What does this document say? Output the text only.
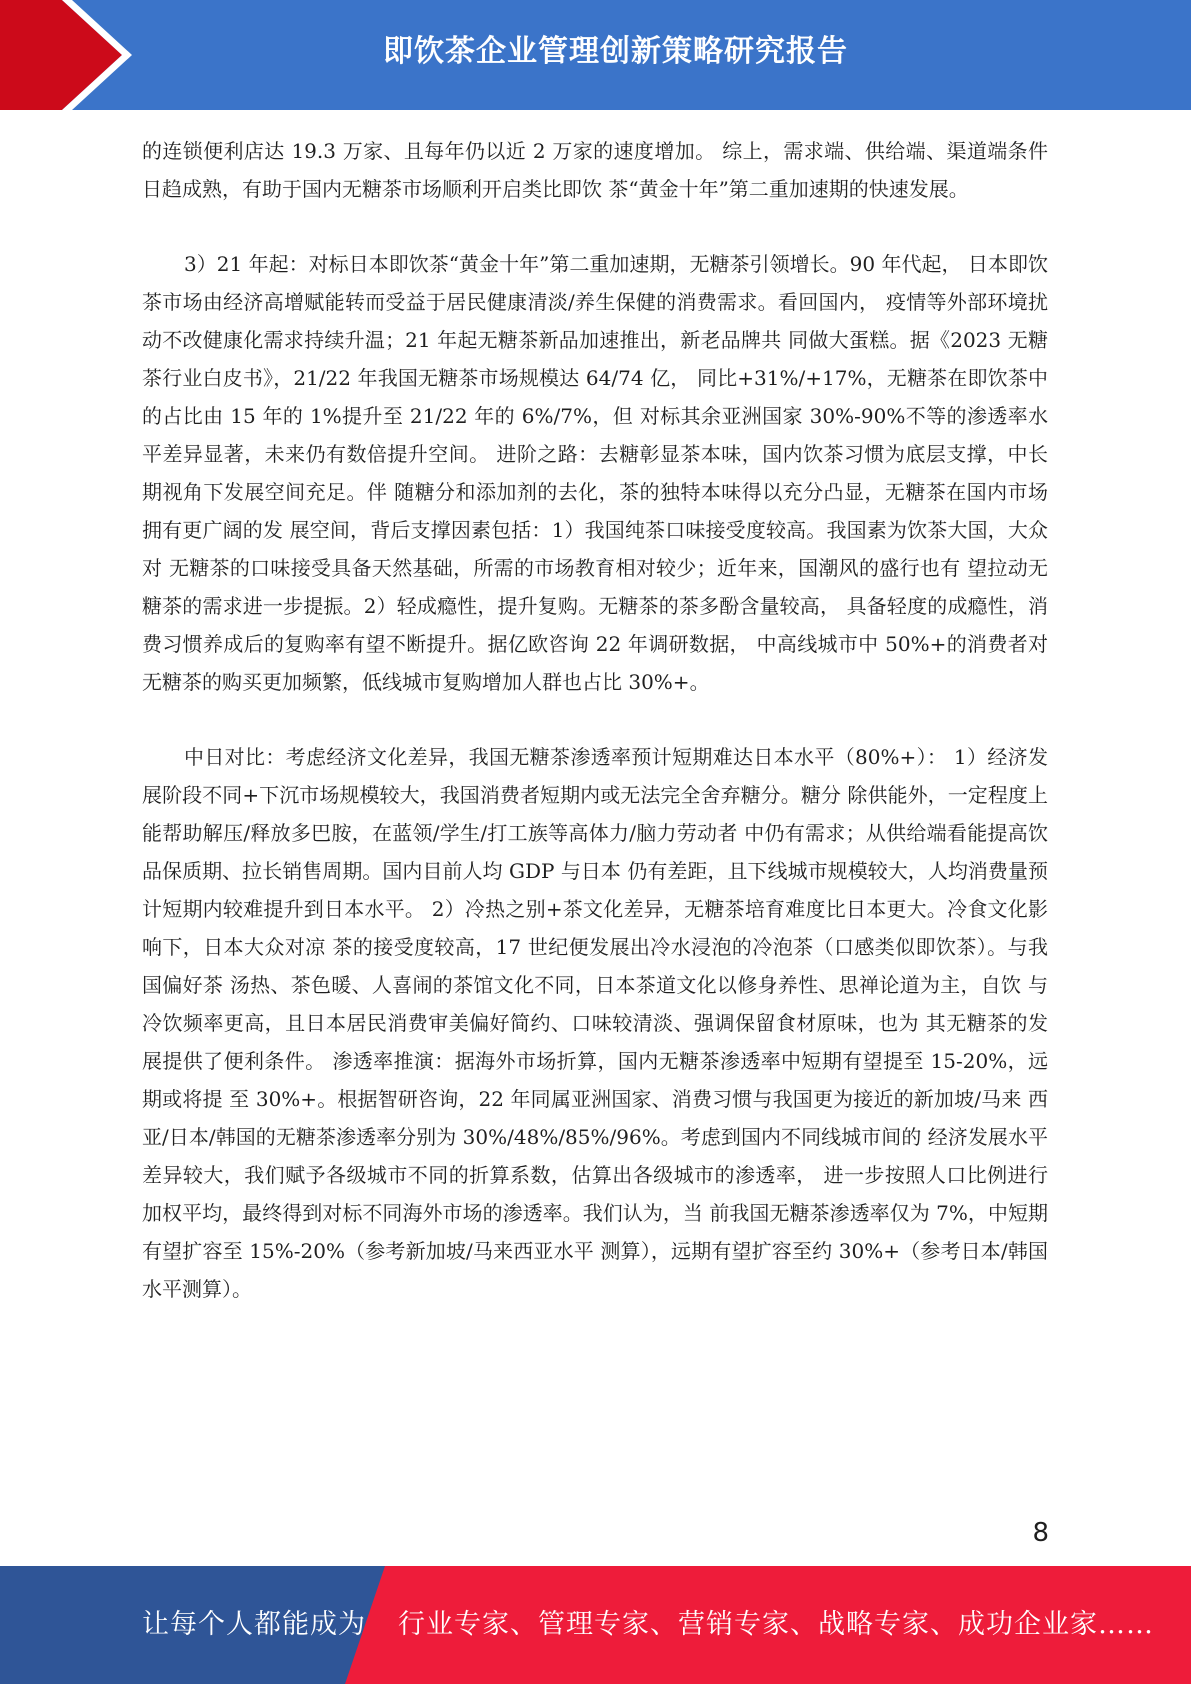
即饮茶企业管理创新策略研究报告

的连锁便利店达 19.3 万家、且每年仍以近 2 万家的速度增加。 综上，需求端、供给端、渠道端条件日趋成熟，有助于国内无糖茶市场顺利开启类比即饮 茶“黄金十年”第二重加速期的快速发展。

3）21 年起：对标日本即饮茶“黄金十年”第二重加速期，无糖茶引领增长。90 年代起， 日本即饮茶市场由经济高增赋能转而受益于居民健康清淡/养生保健的消费需求。看回国内， 疫情等外部环境扰动不改健康化需求持续升温；21 年起无糖茶新品加速推出，新老品牌共 同做大蛋糕。据《2023 无糖茶行业白皮书》，21/22 年我国无糖茶市场规模达 64/74 亿， 同比+31%/+17%，无糖茶在即饮茶中的占比由 15 年的 1%提升至 21/22 年的 6%/7%，但 对标其余亚洲国家 30%-90%不等的渗透率水平差异显著，未来仍有数倍提升空间。 进阶之路：去糖彰显茶本味，国内饮茶习惯为底层支撑，中长期视角下发展空间充足。伴 随糖分和添加剂的去化，茶的独特本味得以充分凸显，无糖茶在国内市场拥有更广阔的发 展空间，背后支撑因素包括：1）我国纯茶口味接受度较高。我国素为饮茶大国，大众对 无糖茶的口味接受具备天然基础，所需的市场教育相对较少；近年来，国潮风的盛行也有 望拉动无糖茶的需求进一步提振。2）轻成瘾性，提升复购。无糖茶的茶多酚含量较高， 具备轻度的成瘾性，消费习惯养成后的复购率有望不断提升。据亿欧咨询 22 年调研数据， 中高线城市中 50%+的消费者对无糖茶的购买更加频繁，低线城市复购增加人群也占比 30%+。

中日对比：考虑经济文化差异，我国无糖茶渗透率预计短期难达日本水平（80%+）： 1）经济发展阶段不同+下沉市场规模较大，我国消费者短期内或无法完全舍弃糖分。糖分 除供能外，一定程度上能帮助解压/释放多巴胺，在蓝领/学生/打工族等高体力/脑力劳动者 中仍有需求；从供给端看能提高饮品保质期、拉长销售周期。国内目前人均 GDP 与日本 仍有差距，且下线城市规模较大，人均消费量预计短期内较难提升到日本水平。 2）冷热之别+茶文化差异，无糖茶培育难度比日本更大。冷食文化影响下，日本大众对凉 茶的接受度较高，17 世纪便发展出冷水浸泡的冷泡茶（口感类似即饮茶）。与我国偏好茶 汤热、茶色暖、人喜闹的茶馆文化不同，日本茶道文化以修身养性、思禅论道为主，自饮 与冷饮频率更高，且日本居民消费审美偏好简约、口味较清淡、强调保留食材原味，也为 其无糖茶的发展提供了便利条件。 渗透率推演：据海外市场折算，国内无糖茶渗透率中短期有望提至 15-20%，远期或将提 至 30%+。根据智研咨询，22 年同属亚洲国家、消费习惯与我国更为接近的新加坡/马来 西亚/日本/韩国的无糖茶渗透率分别为 30%/48%/85%/96%。考虑到国内不同线城市间的 经济发展水平差异较大，我们赋予各级城市不同的折算系数，估算出各级城市的渗透率， 进一步按照人口比例进行加权平均，最终得到对标不同海外市场的渗透率。我们认为，当 前我国无糖茶渗透率仅为 7%，中短期有望扩容至 15%-20%（参考新加坡/马来西亚水平 测算），远期有望扩容至约 30%+（参考日本/韩国水平测算）。

8
让每个人都能成为 行业专家、管理专家、营销专家、战略专家、成功企业家……
